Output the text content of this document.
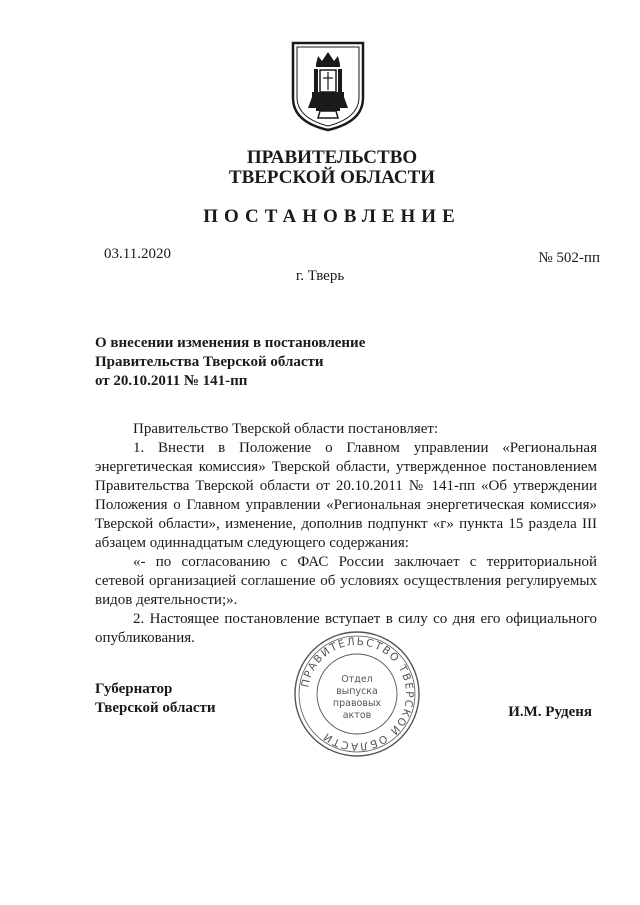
ПРАВИТЕЛЬСТВО
ТВЕРСКОЙ ОБЛАСТИ
ПОСТАНОВЛЕНИЕ
03.11.2020	№ 502-пп
г. Тверь
О внесении изменения в постановление
Правительства Тверской области
от 20.10.2011 № 141-пп

Правительство Тверской области постановляет:

1. Внести в Положение о Главном управлении «Региональная энергетическая комиссия» Тверской области, утвержденное постановлением Правительства Тверской области от 20.10.2011 № 141-пп «Об утверждении Положения о Главном управлении «Региональная энергетическая комиссия» Тверской области», изменение, дополнив подпункт «г» пункта 15 раздела III абзацем одиннадцатым следующего содержания:

«- по согласованию с ФАС России заключает с территориальной сетевой организацией соглашение об условиях осуществления регулируемых видов деятельности;».

2. Настоящее постановление вступает в силу со дня его официального опубликования.

ПРАВИТЕЛЬСТВО ТВЕРСКОЙ ОБЛАСТИ
Отдел
выпуска
правовых
актов
Губернатор
Тверской области	И.М. Руденя
